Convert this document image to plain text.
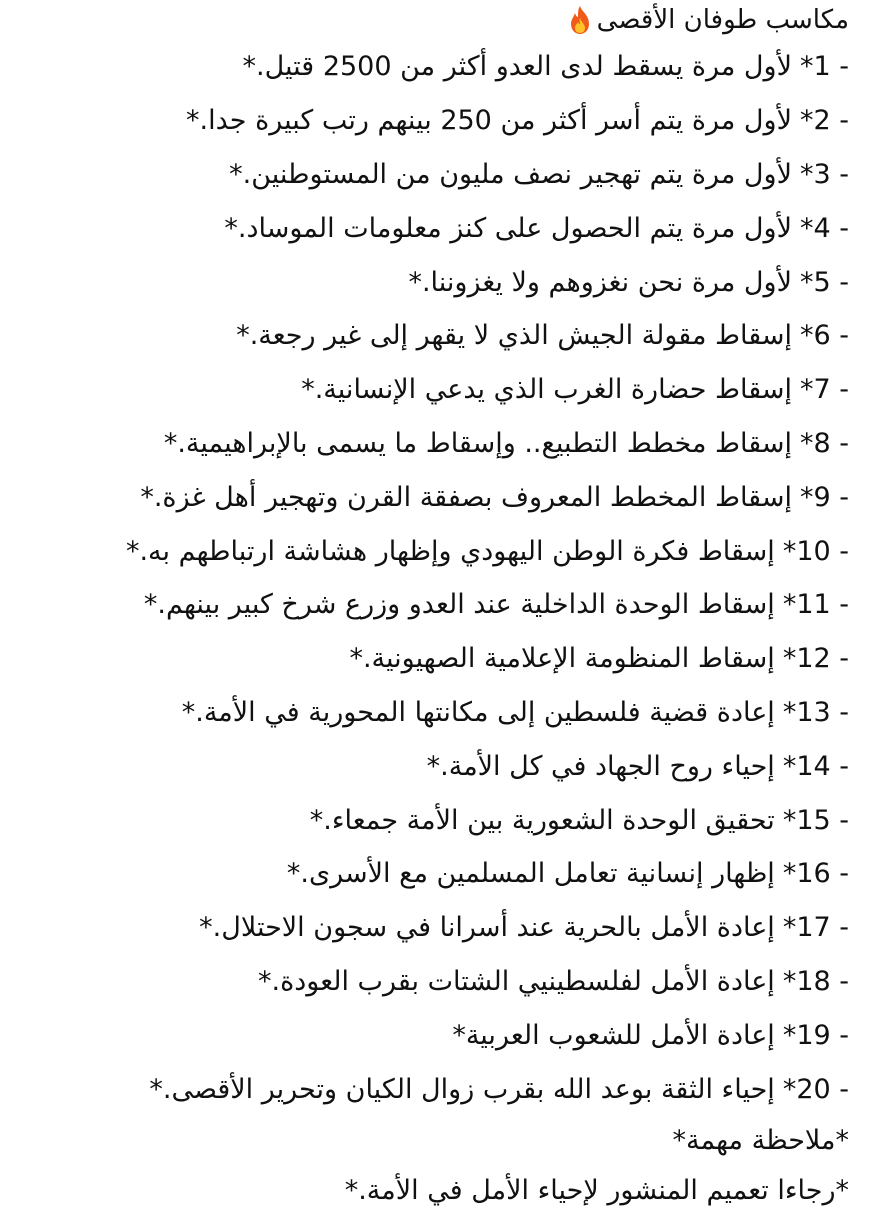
مكاسب طوفان الأقصى
*1 -
لأول مرة يسقط لدى العدو أكثر من 2500 قتيل.*
*2 -
لأول مرة يتم أسر أكثر من 250 بينهم رتب كبيرة جدا.*
*3 -
لأول مرة يتم تهجير نصف مليون من المستوطنين.*
*4 -
لأول مرة يتم الحصول على كنز معلومات الموساد.*
*5 -
لأول مرة نحن نغزوهم ولا يغزوننا.*
*6 -
إسقاط مقولة الجيش الذي لا يقهر إلى غير رجعة.*
*7 -
إسقاط حضارة الغرب الذي يدعي الإنسانية.*
*8 -
إسقاط مخطط التطبيع.. وإسقاط ما يسمى بالإبراهيمية.*
*9 -
إسقاط المخطط المعروف بصفقة القرن وتهجير أهل غزة.*
*10 -
إسقاط فكرة الوطن اليهودي وإظهار هشاشة ارتباطهم به.*
*11 -
إسقاط الوحدة الداخلية عند العدو وزرع شرخ كبير بينهم.*
*12 -
إسقاط المنظومة الإعلامية الصهيونية.*
*13 -
إعادة قضية فلسطين إلى مكانتها المحورية في الأمة.*
*14 -
إحياء روح الجهاد في كل الأمة.*
*15 -
تحقيق الوحدة الشعورية بين الأمة جمعاء.*
*16 -
إظهار إنسانية تعامل المسلمين مع الأسرى.*
*17 -
إعادة الأمل بالحرية عند أسرانا في سجون الاحتلال.*
*18 -
إعادة الأمل لفلسطينيي الشتات بقرب العودة.*
*19 -
إعادة الأمل للشعوب العربية*
*20 -
إحياء الثقة بوعد الله بقرب زوال الكيان وتحرير الأقصى.*
*ملاحظة مهمة*
*رجاءا تعميم المنشور لإحياء الأمل في الأمة.*
